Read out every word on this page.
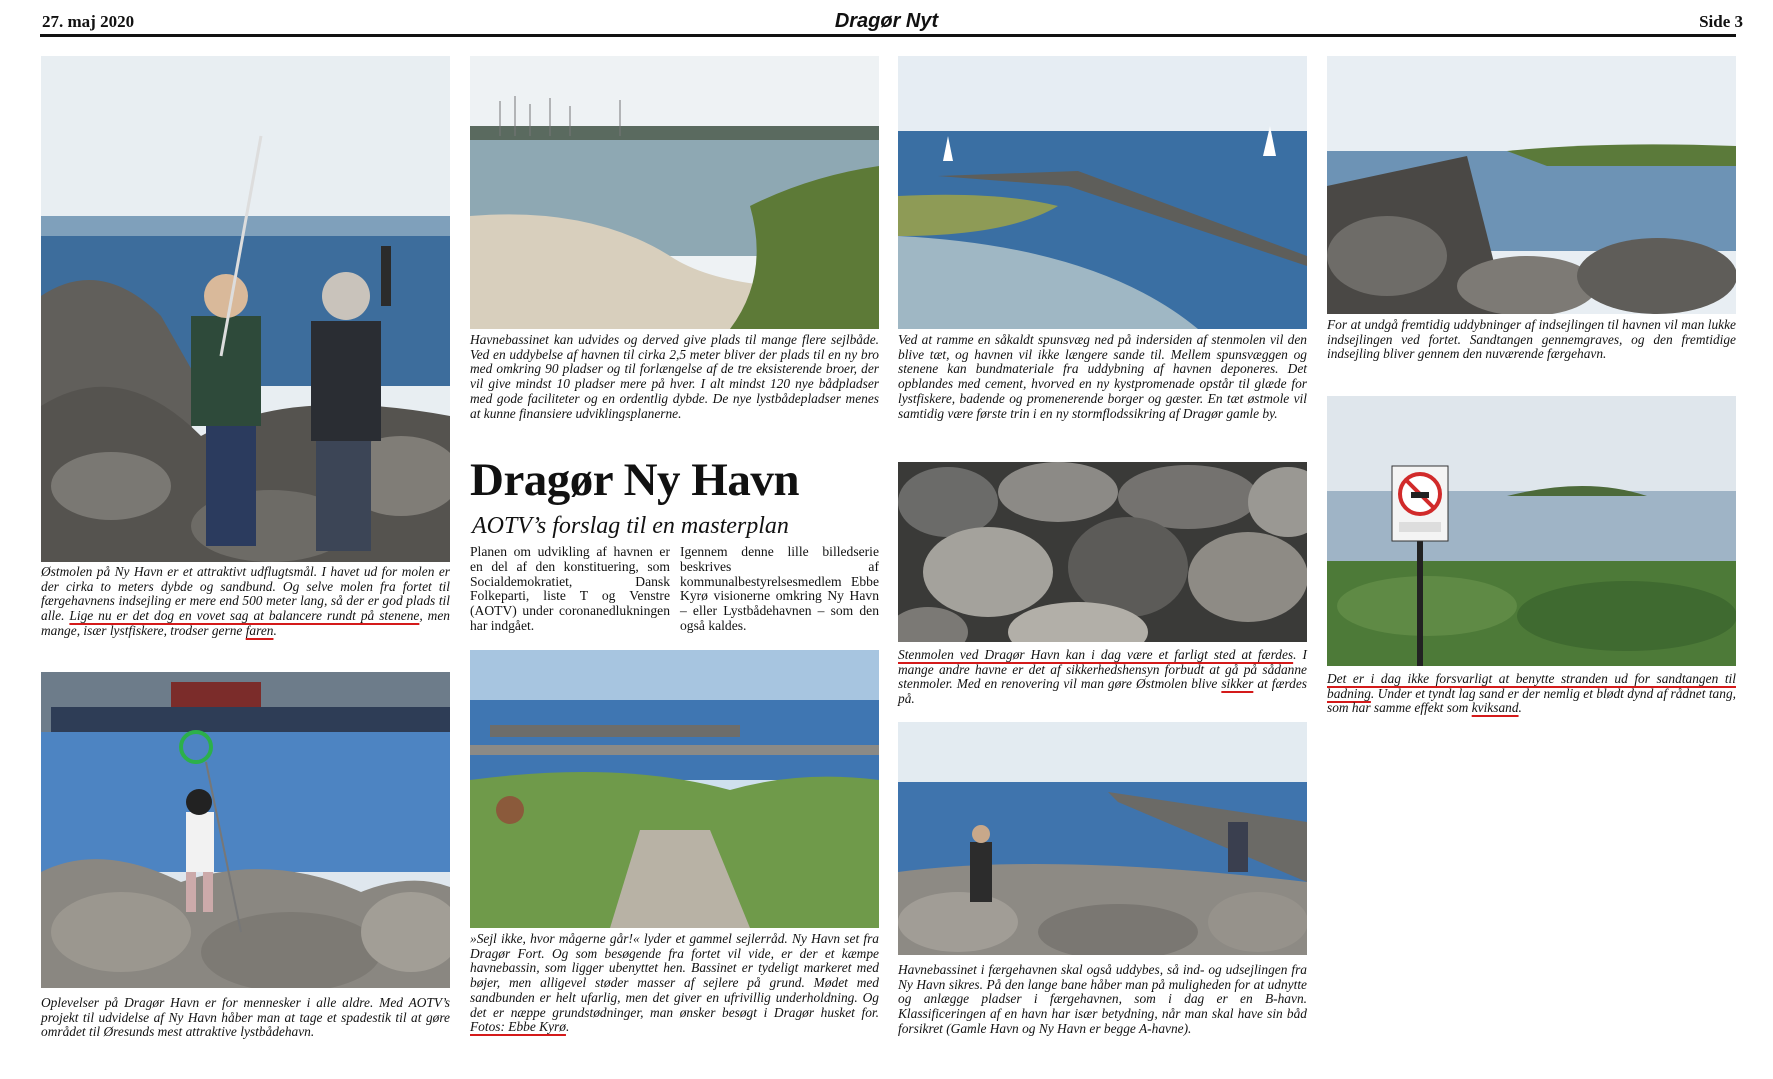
27. maj 2020	Dragør Nyt	Side 3
Østmolen på Ny Havn er et attraktivt udflugtsmål. I havet ud for molen er der cirka to meters dybde og sandbund. Og selve molen fra fortet til færgehavnens indsejling er mere end 500 meter lang, så der er god plads til alle. Lige nu er det dog en vovet sag at balancere rundt på stenene, men mange, især lystfiskere, trodser gerne faren.
Oplevelser på Dragør Havn er for mennesker i alle aldre. Med AOTV’s projekt til udvidelse af Ny Havn håber man at tage et spadestik til at gøre området til Øresunds mest attraktive lystbådehavn.
Havnebassinet kan udvides og derved give plads til mange flere sejlbåde. Ved en uddybelse af havnen til cirka 2,5 meter bliver der plads til en ny bro med omkring 90 pladser og til forlængelse af de tre eksisterende broer, der vil give mindst 10 pladser mere på hver. I alt mindst 120 nye bådpladser med gode faciliteter og en ordentlig dybde. De nye lystbådepladser menes at kunne finansiere udviklingsplanerne.
Dragør Ny Havn
AOTV’s forslag til en masterplan
Planen om udvikling af havnen er en del af den konstituering, som Socialdemokratiet, Dansk Folkeparti, liste T og Venstre (AOTV) under coronanedlukningen har indgået.
Igennem denne lille billedserie beskrives af kommunalbestyrelsesmedlem Ebbe Kyrø visionerne omkring Ny Havn – eller Lystbådehavnen – som den også kaldes.
»Sejl ikke, hvor mågerne går!« lyder et gammel sejlerråd. Ny Havn set fra Dragør Fort. Og som besøgende fra fortet vil vide, er der et kæmpe havnebassin, som ligger ubenyttet hen. Bassinet er tydeligt markeret med bøjer, men alligevel støder masser af sejlere på grund. Mødet med sandbunden er helt ufarlig, men det giver en ufrivillig underholdning. Og det er næppe grundstødninger, man ønsker besøgt i Dragør husket for. Fotos: Ebbe Kyrø.
Ved at ramme en såkaldt spunsvæg ned på indersiden af stenmolen vil den blive tæt, og havnen vil ikke længere sande til. Mellem spunsvæggen og stenene kan bundmateriale fra uddybning af havnen deponeres. Det opblandes med cement, hvorved en ny kystpromenade opstår til glæde for lystfiskere, badende og promenerende borger og gæster. En tæt østmole vil samtidig være første trin i en ny stormflodssikring af Dragør gamle by.
Stenmolen ved Dragør Havn kan i dag være et farligt sted at færdes. I mange andre havne er det af sikkerhedshensyn forbudt at gå på sådanne stenmoler. Med en renovering vil man gøre Østmolen blive sikker at færdes på.
Havnebassinet i færgehavnen skal også uddybes, så ind- og udsejlingen fra Ny Havn sikres. På den lange bane håber man på muligheden for at udnytte og anlægge pladser i færgehavnen, som i dag er en B-havn. Klassificeringen af en havn har især betydning, når man skal have sin båd forsikret (Gamle Havn og Ny Havn er begge A-havne).
For at undgå fremtidig uddybninger af indsejlingen til havnen vil man lukke indsejlingen ved fortet. Sandtangen gennemgraves, og den fremtidige indsejling bliver gennem den nuværende færgehavn.
Det er i dag ikke forsvarligt at benytte stranden ud for sandtangen til badning. Under et tyndt lag sand er der nemlig et blødt dynd af rådnet tang, som har samme effekt som kviksand.
